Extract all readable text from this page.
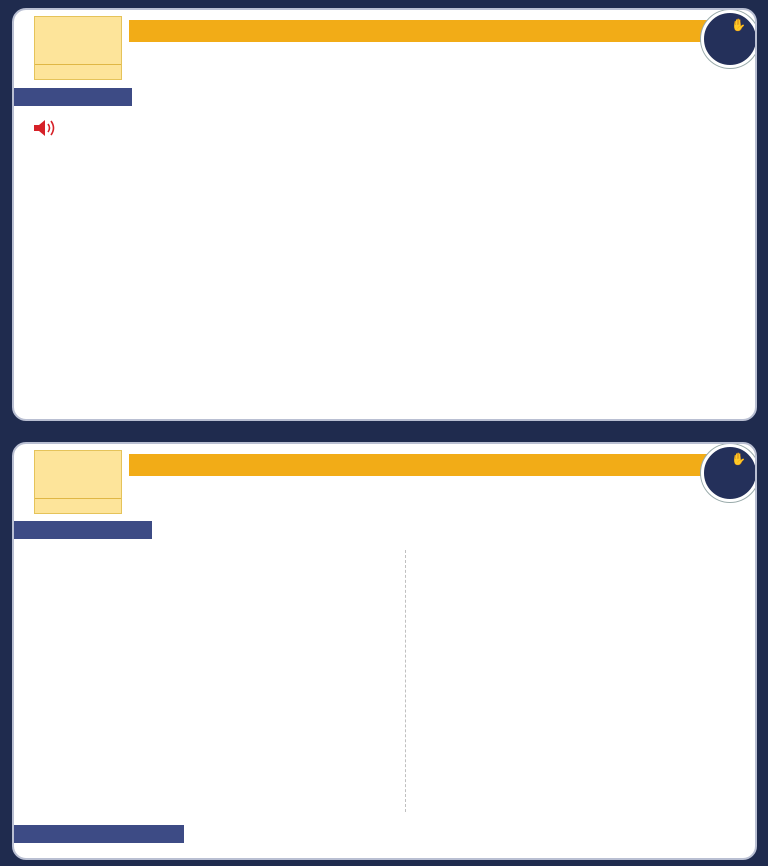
✋
✋
